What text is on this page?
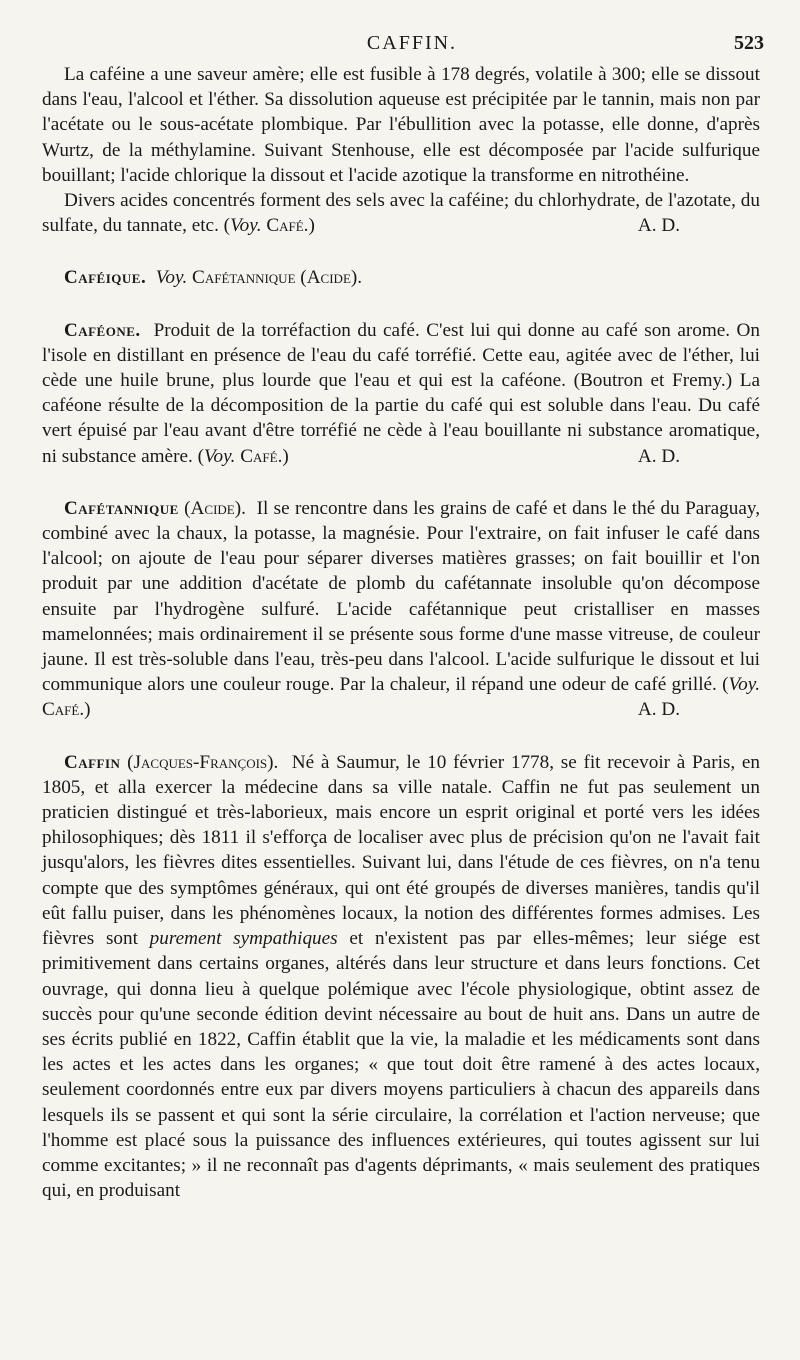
CAFFIN.	523

La caféine a une saveur amère; elle est fusible à 178 degrés, volatile à 300; elle se dissout dans l'eau, l'alcool et l'éther. Sa dissolution aqueuse est précipitée par le tannin, mais non par l'acétate ou le sous-acétate plombique. Par l'ébullition avec la potasse, elle donne, d'après Wurtz, de la méthylamine. Suivant Stenhouse, elle est décomposée par l'acide sulfurique bouillant; l'acide chlorique la dissout et l'acide azotique la transforme en nitrothéine.

Divers acides concentrés forment des sels avec la caféine; du chlorhydrate, de l'azotate, du sulfate, du tannate, etc. (Voy. Café.)	A. D.

Caféique. Voy. Cafétannique (Acide).

Caféone. Produit de la torréfaction du café. C'est lui qui donne au café son arome. On l'isole en distillant en présence de l'eau du café torréfié. Cette eau, agitée avec de l'éther, lui cède une huile brune, plus lourde que l'eau et qui est la caféone. (Boutron et Fremy.) La caféone résulte de la décomposition de la partie du café qui est soluble dans l'eau. Du café vert épuisé par l'eau avant d'être torréfié ne cède à l'eau bouillante ni substance aromatique, ni substance amère. (Voy. Café.)	A. D.

Cafétannique (Acide). Il se rencontre dans les grains de café et dans le thé du Paraguay, combiné avec la chaux, la potasse, la magnésie. Pour l'extraire, on fait infuser le café dans l'alcool; on ajoute de l'eau pour séparer diverses matières grasses; on fait bouillir et l'on produit par une addition d'acétate de plomb du cafétannate insoluble qu'on décompose ensuite par l'hydrogène sulfuré. L'acide cafétannique peut cristalliser en masses mamelonnées; mais ordinairement il se présente sous forme d'une masse vitreuse, de couleur jaune. Il est très-soluble dans l'eau, très-peu dans l'alcool. L'acide sulfurique le dissout et lui communique alors une couleur rouge. Par la chaleur, il répand une odeur de café grillé. (Voy. Café.)	A. D.

Caffin (Jacques-François). Né à Saumur, le 10 février 1778, se fit recevoir à Paris, en 1805, et alla exercer la médecine dans sa ville natale. Caffin ne fut pas seulement un praticien distingué et très-laborieux, mais encore un esprit original et porté vers les idées philosophiques; dès 1811 il s'efforça de localiser avec plus de précision qu'on ne l'avait fait jusqu'alors, les fièvres dites essentielles. Suivant lui, dans l'étude de ces fièvres, on n'a tenu compte que des symptômes généraux, qui ont été groupés de diverses manières, tandis qu'il eût fallu puiser, dans les phénomènes locaux, la notion des différentes formes admises. Les fièvres sont purement sympathiques et n'existent pas par elles-mêmes; leur siége est primitivement dans certains organes, altérés dans leur structure et dans leurs fonctions. Cet ouvrage, qui donna lieu à quelque polémique avec l'école physiologique, obtint assez de succès pour qu'une seconde édition devint nécessaire au bout de huit ans. Dans un autre de ses écrits publié en 1822, Caffin établit que la vie, la maladie et les médicaments sont dans les actes et les actes dans les organes; « que tout doit être ramené à des actes locaux, seulement coordonnés entre eux par divers moyens particuliers à chacun des appareils dans lesquels ils se passent et qui sont la série circulaire, la corrélation et l'action nerveuse; que l'homme est placé sous la puissance des influences extérieures, qui toutes agissent sur lui comme excitantes; » il ne reconnaît pas d'agents déprimants, « mais seulement des pratiques qui, en produisant
